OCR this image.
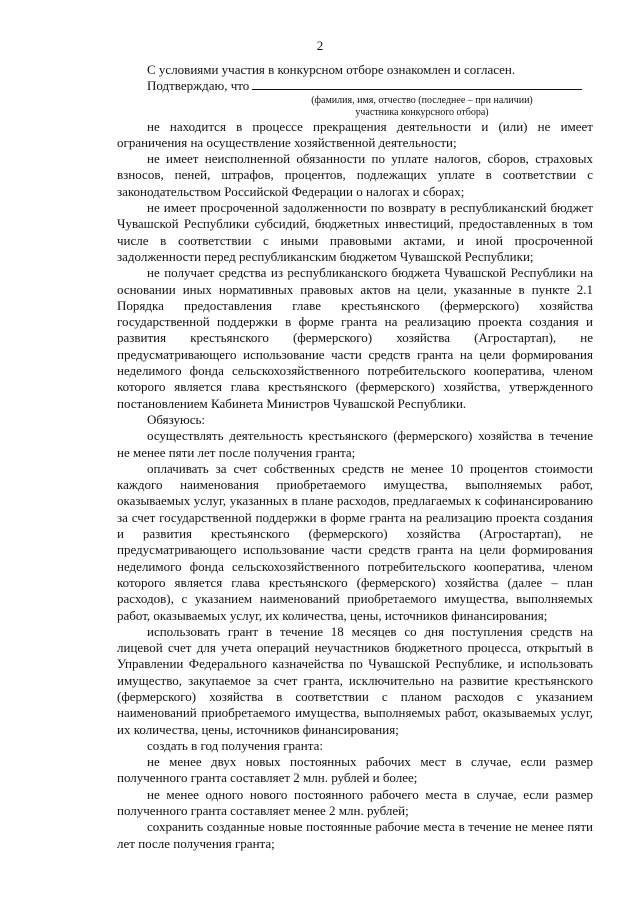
2

С условиями участия в конкурсном отборе ознакомлен и согласен.

Подтверждаю, что
(фамилия, имя, отчество (последнее – при наличии)
участника конкурсного отбора)

не находится в процессе прекращения деятельности и (или) не имеет ограничения на осуществление хозяйственной деятельности;

не имеет неисполненной обязанности по уплате налогов, сборов, страховых взносов, пеней, штрафов, процентов, подлежащих уплате в соответствии с законодательством Российской Федерации о налогах и сборах;

не имеет просроченной задолженности по возврату в республиканский бюджет Чувашской Республики субсидий, бюджетных инвестиций, предоставленных в том числе в соответствии с иными правовыми актами, и иной просроченной задолженности перед республиканским бюджетом Чувашской Республики;

не получает средства из республиканского бюджета Чувашской Республики на основании иных нормативных правовых актов на цели, указанные в пункте 2.1 Порядка предоставления главе крестьянского (фермерского) хозяйства государственной поддержки в форме гранта на реализацию проекта создания и развития крестьянского (фермерского) хозяйства (Агростартап), не предусматривающего использование части средств гранта на цели формирования неделимого фонда сельскохозяйственного потребительского кооператива, членом которого является глава крестьянского (фермерского) хозяйства, утвержденного постановлением Кабинета Министров Чувашской Республики.

Обязуюсь:

осуществлять деятельность крестьянского (фермерского) хозяйства в течение не менее пяти лет после получения гранта;

оплачивать за счет собственных средств не менее 10 процентов стоимости каждого наименования приобретаемого имущества, выполняемых работ, оказываемых услуг, указанных в плане расходов, предлагаемых к софинансированию за счет государственной поддержки в форме гранта на реализацию проекта создания и развития крестьянского (фермерского) хозяйства (Агростартап), не предусматривающего использование части средств гранта на цели формирования неделимого фонда сельскохозяйственного потребительского кооператива, членом которого является глава крестьянского (фермерского) хозяйства (далее – план расходов), с указанием наименований приобретаемого имущества, выполняемых работ, оказываемых услуг, их количества, цены, источников финансирования;

использовать грант в течение 18 месяцев со дня поступления средств на лицевой счет для учета операций неучастников бюджетного процесса, открытый в Управлении Федерального казначейства по Чувашской Республике, и использовать имущество, закупаемое за счет гранта, исключительно на развитие крестьянского (фермерского) хозяйства в соответствии с планом расходов с указанием наименований приобретаемого имущества, выполняемых работ, оказываемых услуг, их количества, цены, источников финансирования;

создать в год получения гранта:

не менее двух новых постоянных рабочих мест в случае, если размер полученного гранта составляет 2 млн. рублей и более;

не менее одного нового постоянного рабочего места в случае, если размер полученного гранта составляет менее 2 млн. рублей;

сохранить созданные новые постоянные рабочие места в течение не менее пяти лет после получения гранта;
